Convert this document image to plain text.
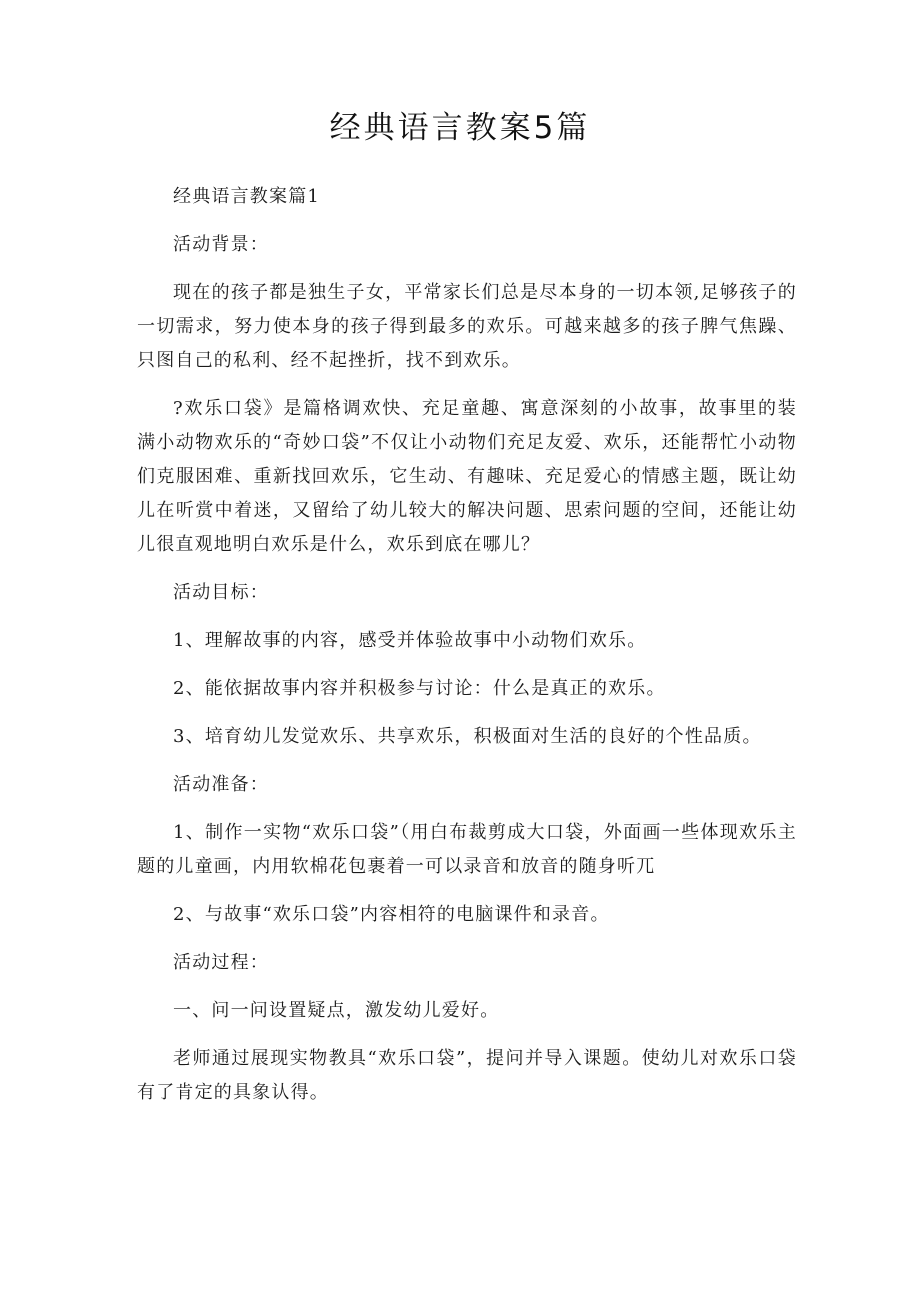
经典语言教案5篇

经典语言教案篇1

活动背景：

现在的孩子都是独生子女，平常家长们总是尽本身的一切本领,足够孩子的一切需求，努力使本身的孩子得到最多的欢乐。可越来越多的孩子脾气焦躁、只图自己的私利、经不起挫折，找不到欢乐。

?欢乐口袋》是篇格调欢快、充足童趣、寓意深刻的小故事，故事里的装满小动物欢乐的“奇妙口袋”不仅让小动物们充足友爱、欢乐，还能帮忙小动物们克服困难、重新找回欢乐，它生动、有趣味、充足爱心的情感主题，既让幼儿在听赏中着迷，又留给了幼儿较大的解决问题、思索问题的空间，还能让幼儿很直观地明白欢乐是什么，欢乐到底在哪儿？

活动目标：

1、理解故事的内容，感受并体验故事中小动物们欢乐。

2、能依据故事内容并积极参与讨论：什么是真正的欢乐。

3、培育幼儿发觉欢乐、共享欢乐，积极面对生活的良好的个性品质。

活动准备：

1、制作一实物“欢乐口袋”（用白布裁剪成大口袋，外面画一些体现欢乐主题的儿童画，内用软棉花包裹着一可以录音和放音的随身听兀

2、与故事“欢乐口袋”内容相符的电脑课件和录音。

活动过程：

一、问一问设置疑点，激发幼儿爱好。

老师通过展现实物教具“欢乐口袋”，提问并导入课题。使幼儿对欢乐口袋有了肯定的具象认得。
